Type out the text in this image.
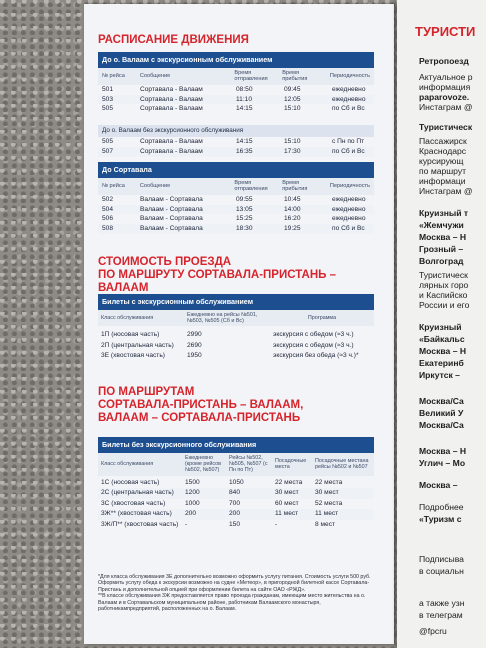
РАСПИСАНИЕ ДВИЖЕНИЯ

До о. Валаам с экскурсионным обслуживанием
№ рейса	Сообщение	Время отправления	Время прибытия	Периодичность
501	Сортавала - Валаам	08:50	09:45	ежедневно
503	Сортавала - Валаам	11:10	12:05	ежедневно
505	Сортавала - Валаам	14:15	15:10	по Сб и Вс
До о. Валаам без экскурсионного обслуживания
505	Сортавала - Валаам	14:15	15:10	с Пн по Пт
507	Сортавала - Валаам	16:35	17:30	по Сб и Вс
До Сортавала
№ рейса	Сообщение	Время отправления	Время прибытия	Периодичность
502	Валаам - Сортавала	09:55	10:45	ежедневно
504	Валаам - Сортавала	13:05	14:00	ежедневно
506	Валаам - Сортавала	15:25	16:20	ежедневно
508	Валаам - Сортавала	18:30	19:25	по Сб и Вс

СТОИМОСТЬ ПРОЕЗДА

ПО МАРШРУТУ СОРТАВАЛА-ПРИСТАНЬ – ВАЛААМ

Билеты с экскурсионным обслуживанием
Класс обслуживания	Ежедневно на рейсы №501, №503, №505 (Сб и Вс)	Программа
1П (носовая часть)	2990	экскурсия с обедом (≈3 ч.)
2П (центральная часть)	2690	экскурсия с обедом (≈3 ч.)
3Е (хвостовая часть)	1950	экскурсия без обеда (≈3 ч.)*

ПО МАРШРУТАМ

СОРТАВАЛА-ПРИСТАНЬ – ВАЛААМ,

ВАЛААМ – СОРТАВАЛА-ПРИСТАНЬ

Билеты без экскурсионного обслуживания
Класс обслуживания	Ежедневно (кроме рейсов №502, №507)	Рейсы №502, №505, №507 (с Пн по Пт)	Посадочные места	Посадочные местана рейсы №502 и №507
1С (носовая часть)	1500	1050	22 места	22 места
2С (центральная часть)	1200	840	30 мест	30 мест
3С (хвостовая часть)	1000	700	60 мест	52 места
3Ж** (хвостовая часть)	200	200	11 мест	11 мест
3Ж/П** (хвостовая часть)	-	150	-	8 мест
*Для класса обслуживания 3Е дополнительно возможно оформить услугу питания. Стоимость услуги 500 руб. Оформить услугу обеда к экскурсии возможно на судне «Метеор», в пригородной билетной кассе Сортавала-Пристань и дополнительной опцией при оформлении билета на сайте ОАО «РЖД».
**В классе обслуживания 3Ж предоставляется право проезда гражданам, имеющим место жительства на о. Валаам и в Сортавальском муниципальном районе, работникам Валаамского монастыря, работникампредприятий, расположенных на о. Валаам.
ТУРИСТИ
Ретропоезд
Актуальное р
информация
paparovoze.
Инстаграм @
Туристическ
Пассажирск
Краснодарс
курсирующ
по маршрут
информаци
Инстаграм @
Круизный т
«Жемчужи
Москва – Н
Грозный –
Волгоград
Туристическ
лярных горо
и Каспийско
России и его
Круизный
«Байкальс
Москва – Н
Екатеринб
Иркутск –
Москва/Са
Великий У
Москва/Са
Москва – Н
Углич – Мо
Москва –
Подробнее
«Туризм с
Подписыва
в социальн
а также узн
в телеграм
@fpcru
